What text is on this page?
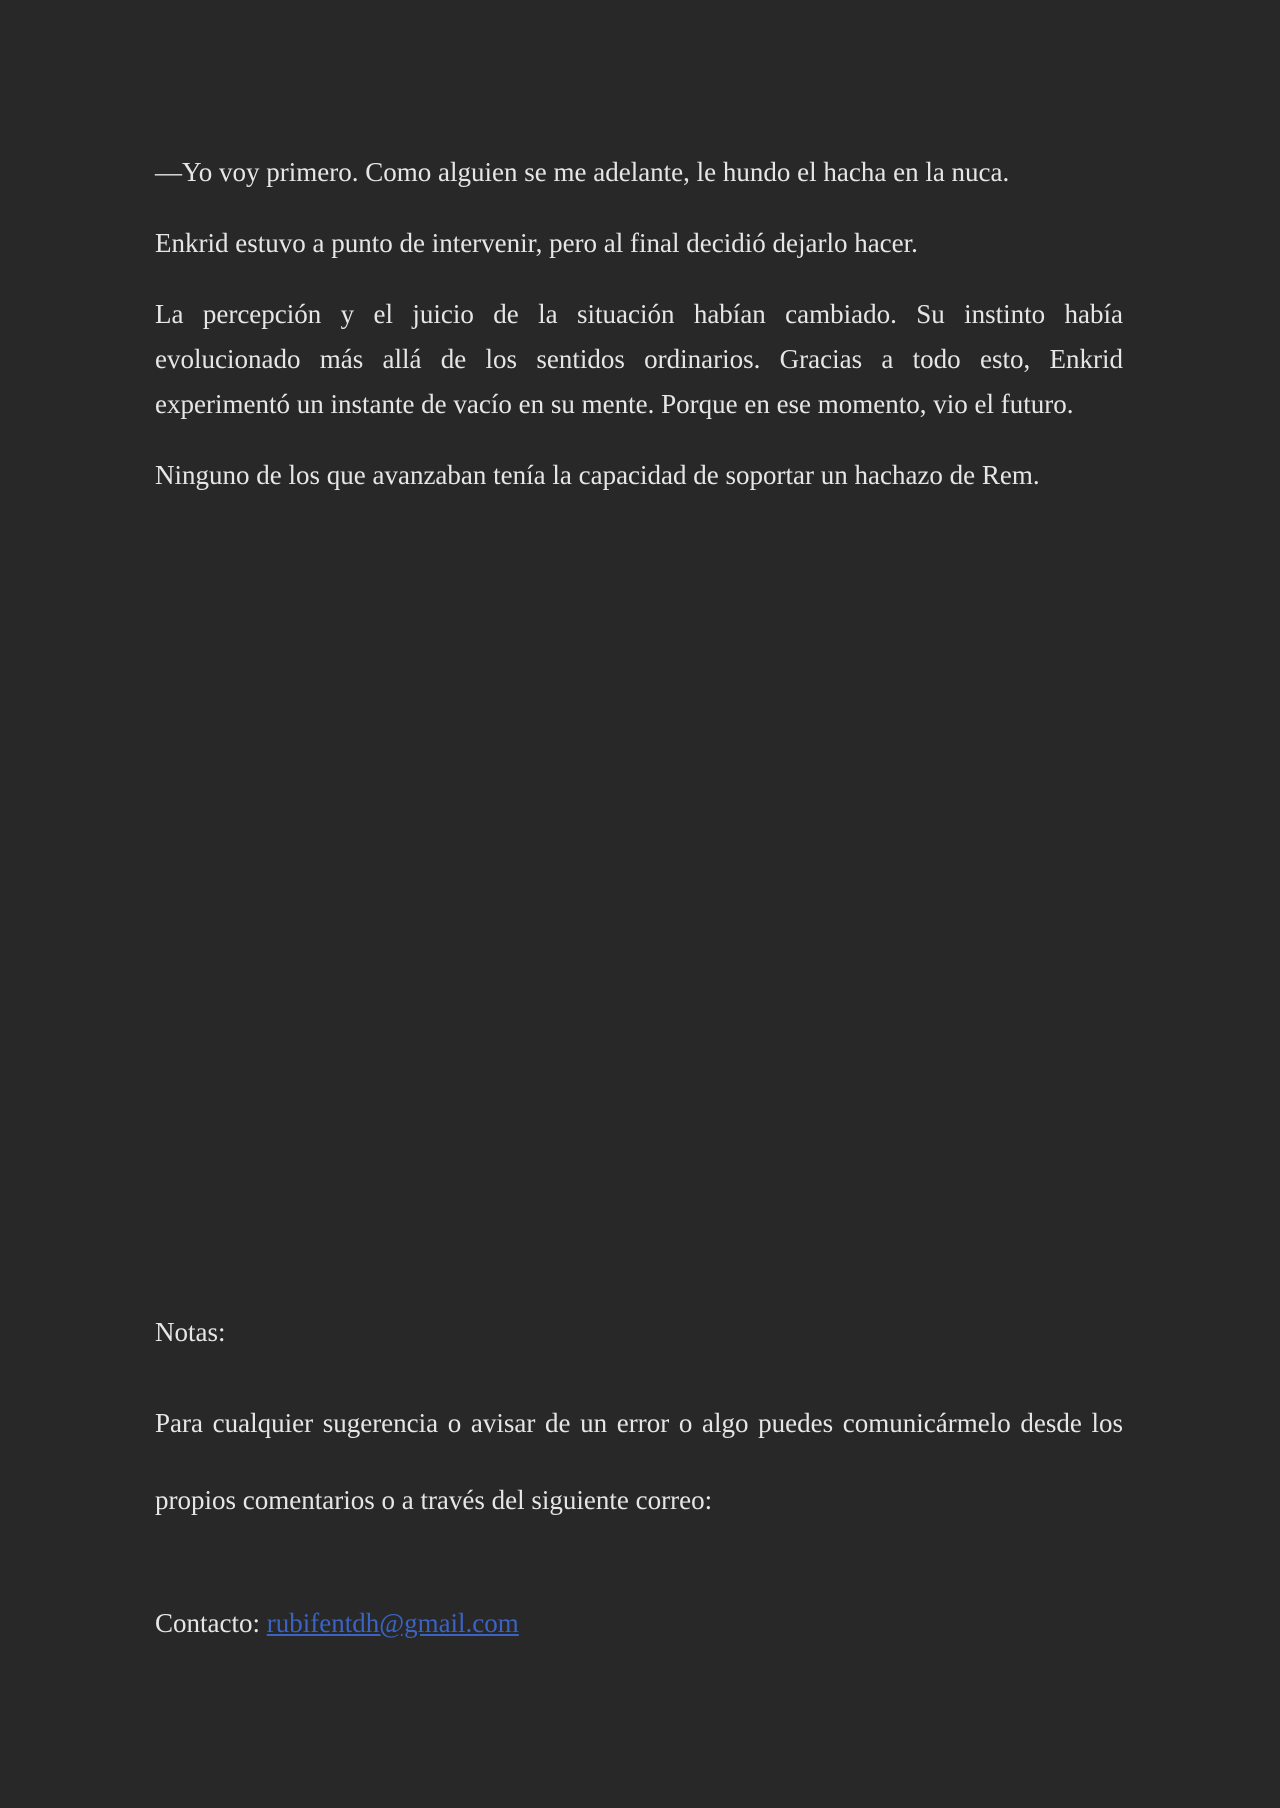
—Yo voy primero. Como alguien se me adelante, le hundo el hacha en la nuca.

Enkrid estuvo a punto de intervenir, pero al final decidió dejarlo hacer.

La percepción y el juicio de la situación habían cambiado. Su instinto había evolucionado más allá de los sentidos ordinarios. Gracias a todo esto, Enkrid experimentó un instante de vacío en su mente. Porque en ese momento, vio el futuro.

Ninguno de los que avanzaban tenía la capacidad de soportar un hachazo de Rem.

Notas:

Para cualquier sugerencia o avisar de un error o algo puedes comunicármelo desde los propios comentarios o a través del siguiente correo:

Contacto: rubifentdh@gmail.com
